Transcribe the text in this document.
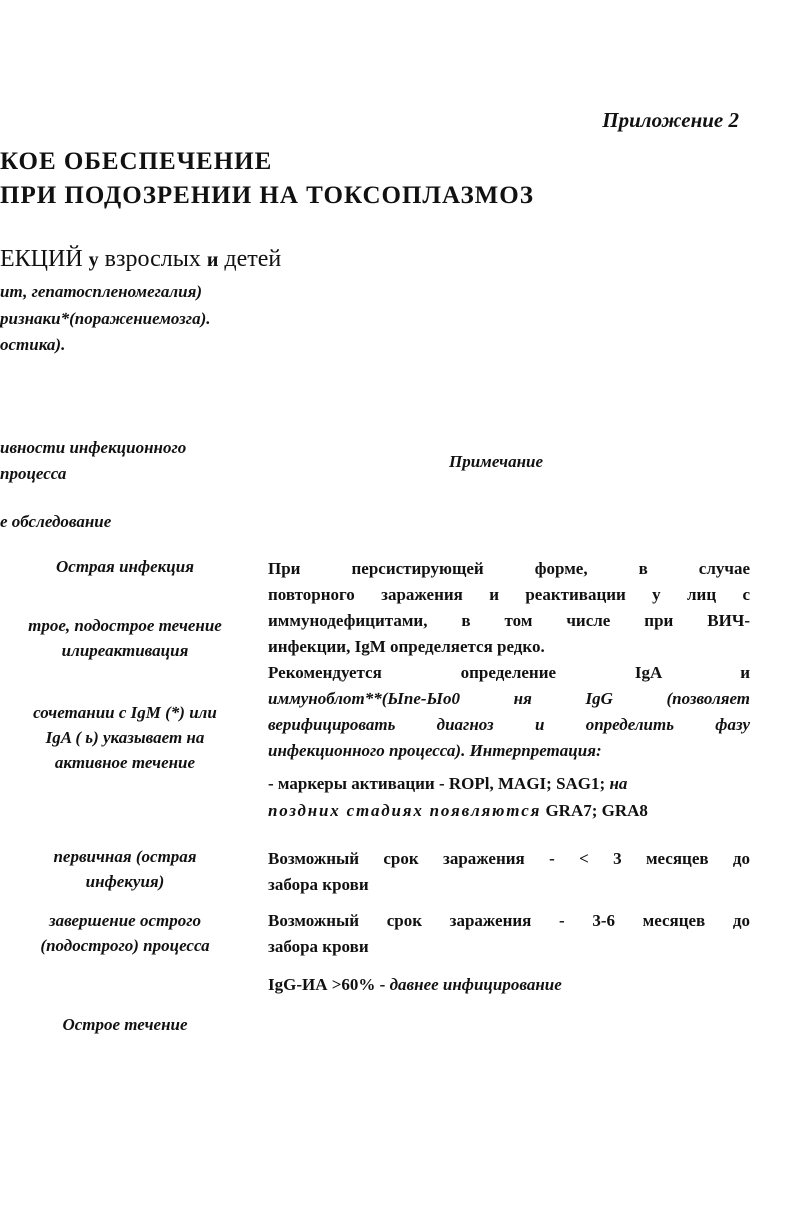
Приложение 2
КОЕ ОБЕСПЕЧЕНИЕ
ПРИ ПОДОЗРЕНИИ НА ТОКСОПЛАЗМОЗ
ЕКЦИЙ у взрослых и детей
ит, гепатоспленомегалия)
ризнаки*(поражениемозга).
остика).
ивности инфекционного
процесса
Примечание
е обследование
Острая инфекция
трое, подострое течение
илиреактивация
сочетании с IgM (*) или
IgA ( ь) указывает на
активное течение
первичная (острая
инфекуия)
завершение острого
(подострого) процесса
Острое течение
При персистирующей форме, в случае
повторного заражения и реактивации у лиц с
иммунодефицитами, в том числе при ВИЧ-
инфекции, IgM определяется редко.
Рекомендуется определение IgA и
иммуноблот**(Ыпе-Ыо0 ня IgG (позволяет
верифицировать диагноз и определить фазу
инфекционного процесса). Интерпретация:
- маркеры активации - ROPl, MAGI; SAG1; на
поздних стадиях появляются GRA7; GRA8
Возможный срок заражения - < 3 месяцев до
забора крови
Возможный срок заражения - 3-6 месяцев до
забора крови
IgG-ИА >60% - давнее инфицирование
